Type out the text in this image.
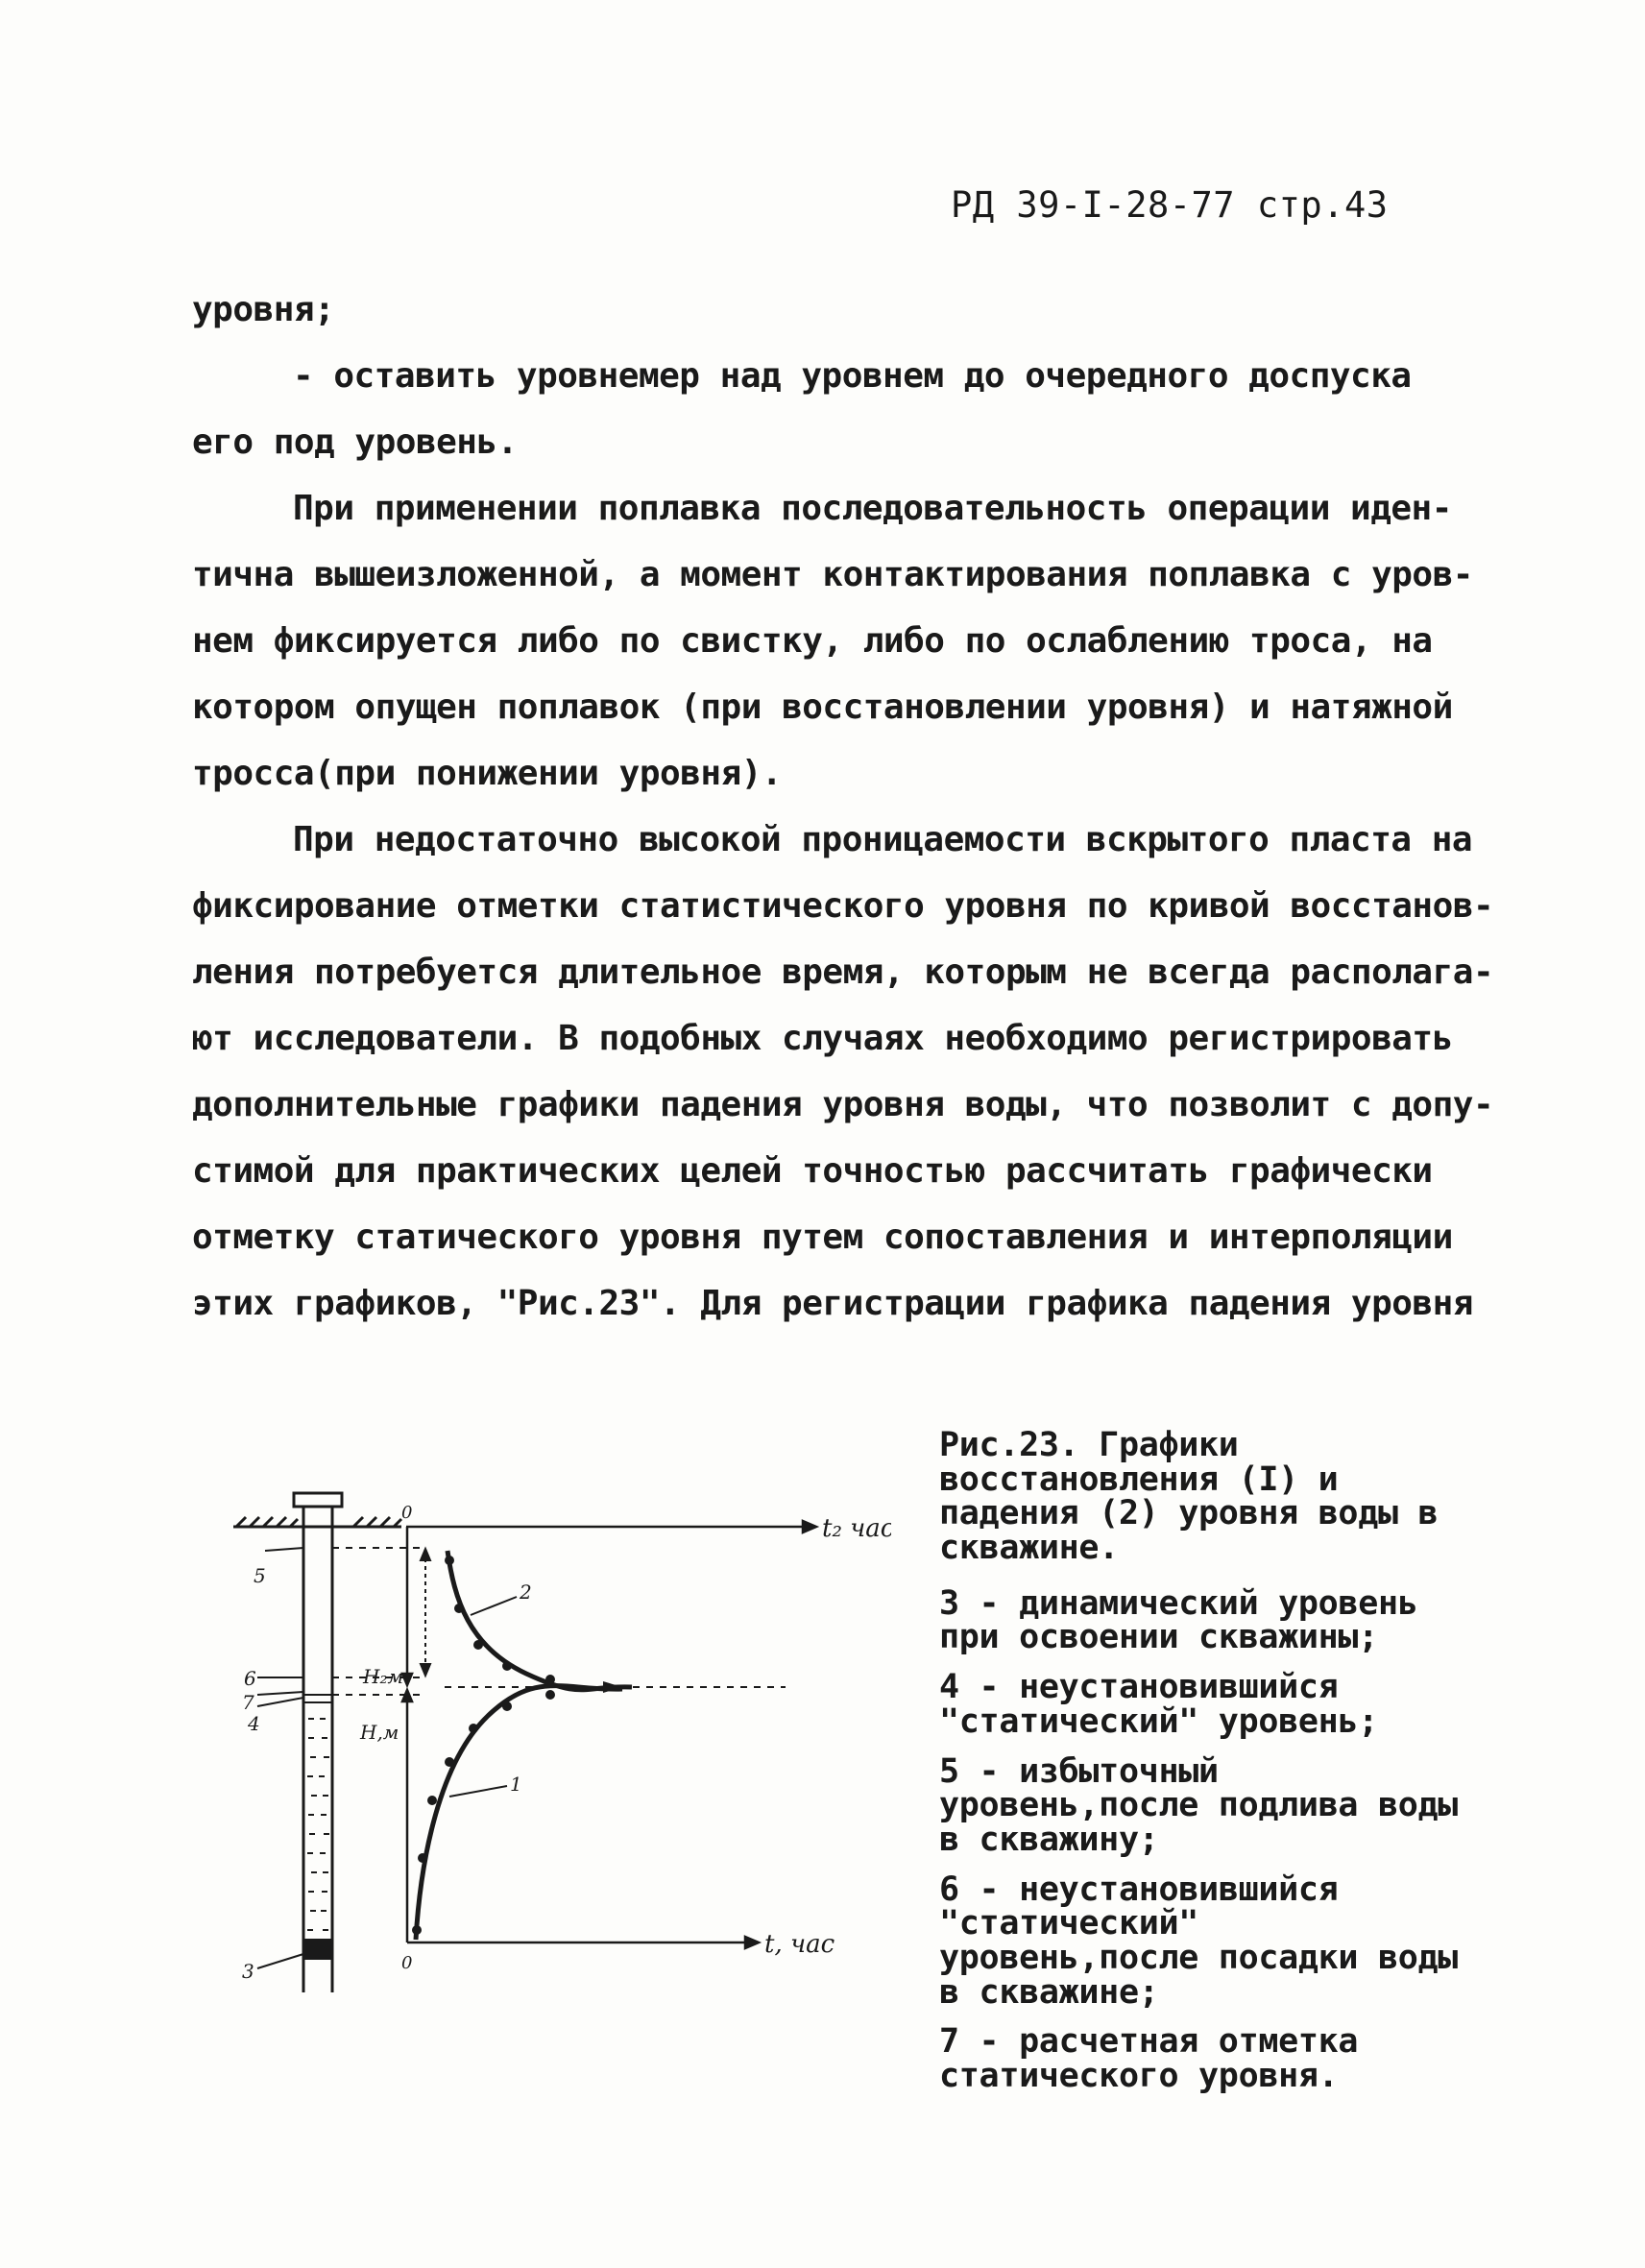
РД 39-I-28-77 стр.43
уровня;
- оставить уровнемер над уровнем до очередного доспуска
его под уровень.
При применении поплавка последовательность операции иден-
тична вышеизложенной, а момент контактирования поплавка с уров-
нем фиксируется либо по свистку, либо по ослаблению троса, на
котором опущен поплавок (при восстановлении уровня) и натяжной
тросса(при понижении уровня).
При недостаточно высокой проницаемости вскрытого пласта на
фиксирование отметки статистического уровня по кривой восстанов-
ления потребуется длительное время, которым не всегда располага-
ют исследователи. В подобных случаях необходимо регистрировать
дополнительные графики падения уровня воды, что позволит с допу-
стимой для практических целей точностью рассчитать графически
отметку статического уровня путем сопоставления и интерполяции
этих графиков, "Рис.23". Для регистрации графика падения уровня
t₂ час
t, час
0
0
H₂м
H,м
1
2
5
6
7
4
3
Рис.23. Графики восстановления (I) и падения (2) уровня воды в скважине.
3 - динамический уровень при освоении скважины;
4 - неустановившийся "статический" уровень;
5 - избыточный уровень,после подлива воды в скважину;
6 - неустановившийся "статический" уровень,после посадки воды в скважине;
7 - расчетная отметка статического уровня.
